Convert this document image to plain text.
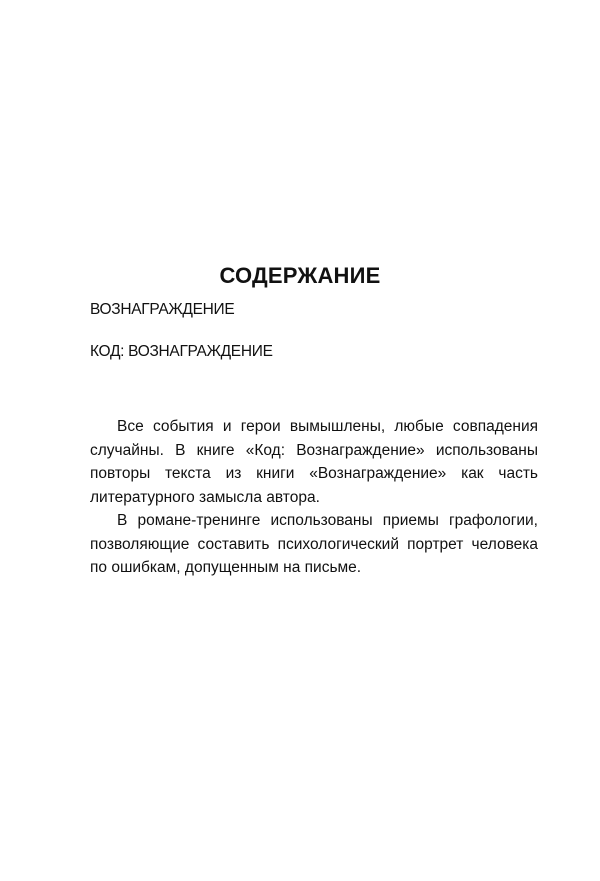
СОДЕРЖАНИЕ
ВОЗНАГРАЖДЕНИЕ
КОД: ВОЗНАГРАЖДЕНИЕ

Все события и герои вымышлены, любые совпадения случайны. В книге «Код: Вознаграждение» использованы повторы текста из книги «Вознаграждение» как часть литературного замысла автора.

В романе-тренинге использованы приемы графологии, позволяющие составить психологический портрет человека по ошибкам, допущенным на письме.
